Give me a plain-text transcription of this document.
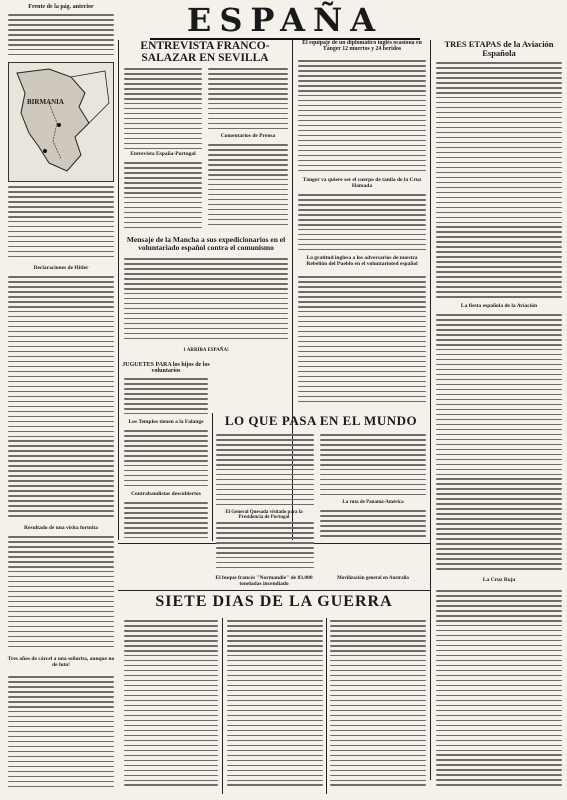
ESPAÑA
Frente de la pág. anterior
BIRMANIA
Declaraciones de Hitler
Resultado de una visita fortuita
Tres años de cárcel a una señorita, aunque no de luto!
ENTREVISTA FRANCO-SALAZAR EN SEVILLA
Entrevista España-Portugal
Comentarios de Prensa
Mensaje de la Mancha a sus expedicionarios en el voluntariado español contra el comunismo
1 ARRIBA ESPAÑA!
JUGUETES PARA los hijos de los voluntarios
Los Templos tienen a la Falange
Contrabandistas descubiertos
El equipaje de un diplomático inglés ocasiona en Tánger 12 muertos y 24 heridos
Tánger va quiere ser el cuerpo de tanila de la Cruz Hamada
La gratitud inglesa a los adversarios de nuestra Rebelión del Pueblo en el voluntarioted español
TRES ETAPAS de la Aviación Española
La fiesta española de la Aviación
La Cruz Roja
LO QUE PASA EN EL MUNDO
El General Quesada visitado para la Presidencia de Portugal
La ruta de Panamá-América
El buque francés "Normandie" de 83.000 toneladas incendiado
Movilización general en Australia
SIETE DIAS DE LA GUERRA
